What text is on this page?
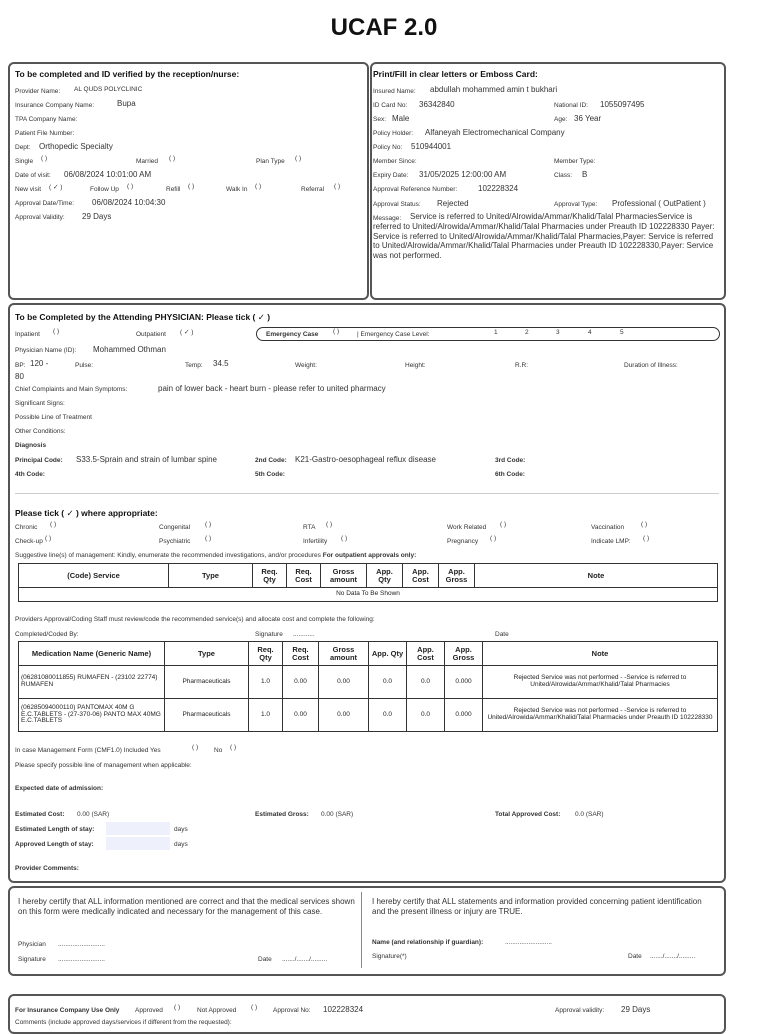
UCAF 2.0
To be completed and ID verified by the reception/nurse:
Provider Name: AL QUDS POLYCLINIC
Insurance Company Name:	Bupa
TPA Company Name:
Patient File Number:
Dept: Orthopedic Specialty
Single ( )	Married ( )	Plan Type ( )
Date of visit: 06/08/2024 10:01:00 AM
New visit ( ✓ )	Follow Up ( )	Refill ( )	Walk In ( )	Referral ( )
Approval Date/Time: 06/08/2024 10:04:30
Approval Validity: 29 Days
Print/Fill in clear letters or Emboss Card:
Insured Name: abdullah mohammed amin t bukhari
ID Card No: 36342840	National ID: 1055097495
Sex: Male	Age: 36 Year
Policy Holder: Alfaneyah Electromechanical Company
Policy No: 510944001
Member Since:	Member Type:
Expiry Date: 31/05/2025 12:00:00 AM	Class: B
Approval Reference Number:	102228324
Approval Status: Rejected	Approval Type: Professional ( OutPatient )
Message:	Service is referred to United/Alrowida/Ammar/Khalid/Talal PharmaciesService is referred to United/Alrowida/Ammar/Khalid/Talal Pharmacies under Preauth ID 102228330 Payer: Service is referred to United/Alrowida/Ammar/Khalid/Talal Pharmacies,Payer: Service is referred to United/Alrowida/Ammar/Khalid/Talal Pharmacies under Preauth ID 102228330,Payer: Service was not performed.
To be Completed by the Attending PHYSICIAN: Please tick ( ✓ )
Inpatient ( )	Outpatient ( ✓ )	Emergency Case ( )	| Emergency Case Level:	1	2	3	4	5
Physician Name (ID): Mohammed Othman
BP: 120 -
80
Pulse:	Temp: 34.5	Weight:	Height:	R.R:	Duration of Illness:
Chief Complaints and Main Symptoms:	pain of lower back - heart burn - please refer to united pharmacy
Significant Signs:
Possible Line of Treatment
Other Conditions:
Diagnosis
Principal Code: S33.5-Sprain and strain of lumbar spine	2nd Code: K21-Gastro-oesophageal reflux disease	3rd Code:
4th Code:	5th Code:	6th Code:
Please tick ( ✓ ) where appropriate:
Chronic ( )	Congenital ( )	RTA ( )	Work Related ( )	Vaccination	( )
Check-up ( )	Psychiatric ( )	Infertility ( )	Pregnancy ( )	Indicate LMP: ( )
Suggestive line(s) of management: Kindly, enumerate the recommended investigations, and/or procedures For outpatient approvals only:
(Code) Service	Type	Req. Qty	Req. Cost	Gross amount	App. Qty	App. Cost	App. Gross	Note
No Data To Be Shown
Providers Approval/Coding Staff must review/code the recommended service(s) and allocate cost and complete the following:
Completed/Coded By:	Signature ............	Date
Medication Name (Generic Name)	Type	Req. Qty	Req. Cost	Gross amount	App. Qty	App. Cost	App. Gross	Note
(06281080011855) RUMAFEN - (23102 22774) RUMAFEN	Pharmaceuticals	1.0	0.00	0.00	0.0	0.0	0.000	Rejected Service was not performed - -Service is referred to United/Alrowida/Ammar/Khalid/Talal Pharmacies
(06285094000110) PANTOMAX 40M G E.C.TABLETS - (27-370-06) PANTO MAX 40MG E.C.TABLETS	Pharmaceuticals	1.0	0.00	0.00	0.0	0.0	0.000	Rejected Service was not performed - -Service is referred to United/Alrowida/Ammar/Khalid/Talal Pharmacies under Preauth ID 102228330
In case Management Form (CMF1.0) Included Yes	( ) No ( )
Please specify possible line of management when applicable:
Expected date of admission:
Estimated Cost: 0.00 (SAR)	Estimated Gross: 0.00 (SAR)	Total Approved Cost: 0.0 (SAR)
Estimated Length of stay:	days
Approved Length of stay:	days
Provider Comments:
I hereby certify that ALL information mentioned are correct and that the medical services shown on this form were medically indicated and necessary for the management of this case.
Physician ..........................
Signature ..........................	Date ......./......./.........
I hereby certify that ALL statements and information provided concerning patient identification and the present illness or injury are TRUE.
Name (and relationship if guardian):	..........................
Signature(*)	Date ......./......./.........
For Insurance Company Use Only Approved ( )	Not Approved ( ) Approval No: 102228324	Approval validity: 29 Days
Comments (include approved days/services if different from the requested):
